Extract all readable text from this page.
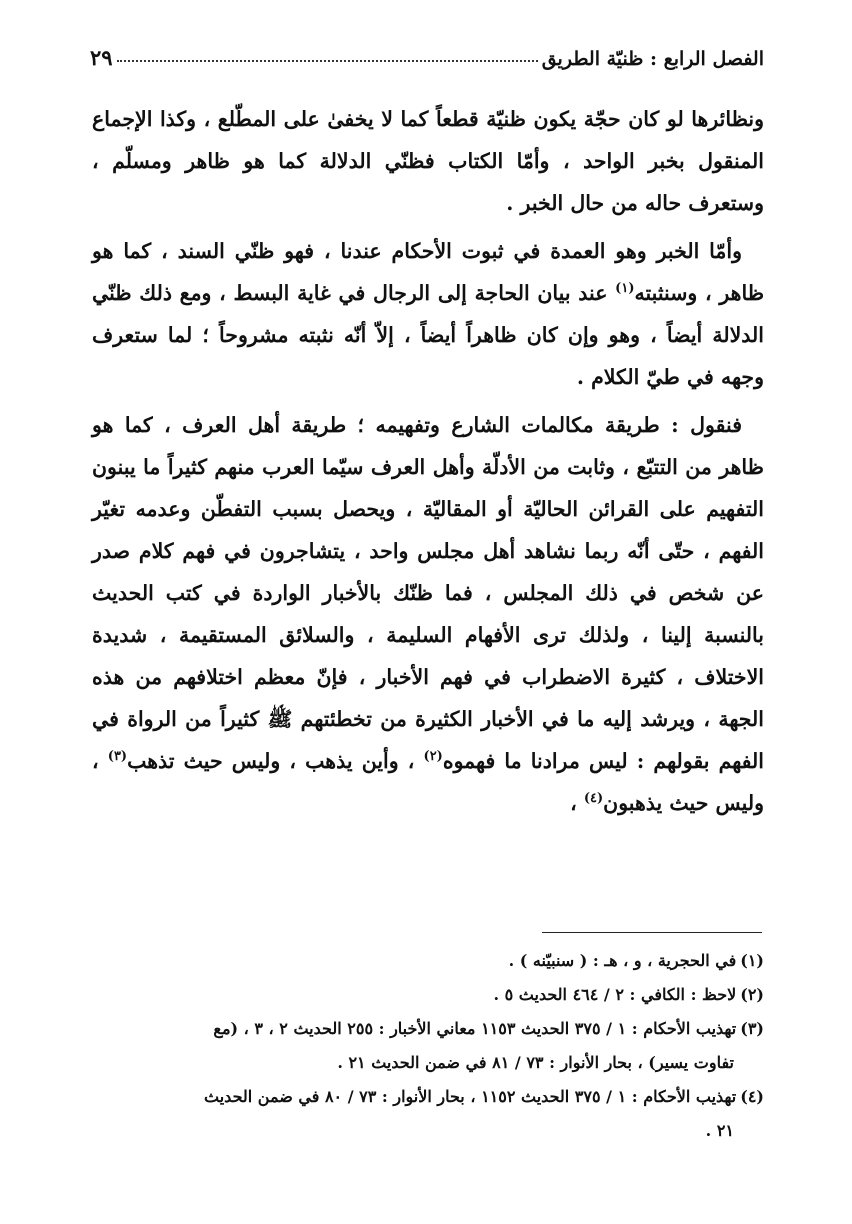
الفصل الرابع : ظنيّة الطريق
٢٩

ونظائرها لو كان حجّة يكون ظنيّة قطعاً كما لا يخفىٰ على المطّلع ، وكذا الإجماع المنقول بخبر الواحد ، وأمّا الكتاب فظنّي الدلالة كما هو ظاهر ومسلّم ، وستعرف حاله من حال الخبر .

وأمّا الخبر وهو العمدة في ثبوت الأحكام عندنا ، فهو ظنّي السند ، كما هو ظاهر ، وسنثبته$^{(١)}$ عند بيان الحاجة إلى الرجال في غاية البسط ، ومع ذلك ظنّي الدلالة أيضاً ، وهو وإن كان ظاهراً أيضاً ، إلاّ أنّه نثبته مشروحاً ؛ لما ستعرف وجهه في طيّ الكلام .

فنقول : طريقة مكالمات الشارع وتفهيمه ؛ طريقة أهل العرف ، كما هو ظاهر من التتبّع ، وثابت من الأدلّة وأهل العرف سيّما العرب منهم كثيراً ما يبنون التفهيم على القرائن الحاليّة أو المقاليّة ، ويحصل بسبب التفطّن وعدمه تغيّر الفهم ، حتّى أنّه ربما نشاهد أهل مجلس واحد ، يتشاجرون في فهم كلام صدر عن شخص في ذلك المجلس ، فما ظنّك بالأخبار الواردة في كتب الحديث بالنسبة إلينا ، ولذلك ترى الأفهام السليمة ، والسلائق المستقيمة ، شديدة الاختلاف ، كثيرة الاضطراب في فهم الأخبار ، فإنّ معظم اختلافهم من هذه الجهة ، ويرشد إليه ما في الأخبار الكثيرة من تخطئتهم ﷺ كثيراً من الرواة في الفهم بقولهم : ليس مرادنا ما فهموه$^{(٢)}$ ، وأين يذهب ، وليس حيث تذهب$^{(٣)}$ ، وليس حيث يذهبون$^{(٤)}$ ،

(١)في الحجرية ، و ، هـ : ( سنبيّنه ) .

(٢)لاحظ : الكافي : ٢ / ٤٦٤ الحديث ٥ .

(٣)تهذيب الأحكام : ١ / ٣٧٥ الحديث ١١٥٣ معاني الأخبار : ٢٥٥ الحديث ٢ ، ٣ ، (مع

تفاوت يسير) ، بحار الأنوار : ٧٣ / ٨١ في ضمن الحديث ٢١ .

(٤)تهذيب الأحكام : ١ / ٣٧٥ الحديث ١١٥٢ ، بحار الأنوار : ٧٣ / ٨٠ في ضمن الحديث

٢١ .
